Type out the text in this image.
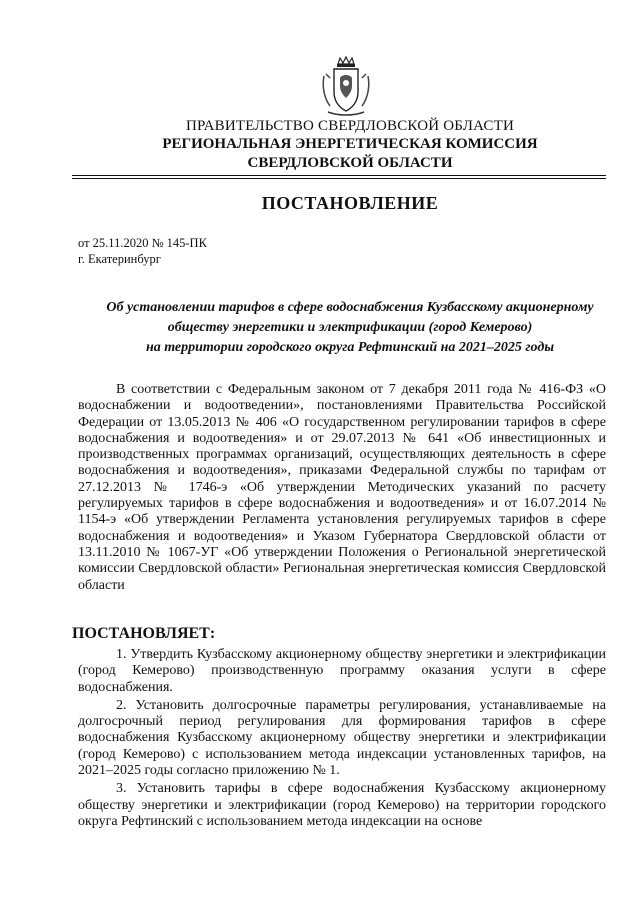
ПРАВИТЕЛЬСТВО СВЕРДЛОВСКОЙ ОБЛАСТИ
РЕГИОНАЛЬНАЯ ЭНЕРГЕТИЧЕСКАЯ КОМИССИЯ
СВЕРДЛОВСКОЙ ОБЛАСТИ
ПОСТАНОВЛЕНИЕ
от 25.11.2020 № 145-ПК
г. Екатеринбург
Об установлении тарифов в сфере водоснабжения Кузбасскому акционерному
обществу энергетики и электрификации (город Кемерово)
на территории городского округа Рефтинский на 2021–2025 годы

В соответствии с Федеральным законом от 7 декабря 2011 года № 416-ФЗ «О водоснабжении и водоотведении», постановлениями Правительства Российской Федерации от 13.05.2013 № 406 «О государственном регулировании тарифов в сфере водоснабжения и водоотведения» и от 29.07.2013 № 641 «Об инвестиционных и производственных программах организаций, осуществляющих деятельность в сфере водоснабжения и водоотведения», приказами Федеральной службы по тарифам от 27.12.2013 № 1746-э «Об утверждении Методических указаний по расчету регулируемых тарифов в сфере водоснабжения и водоотведения» и от 16.07.2014 № 1154-э «Об утверждении Регламента установления регулируемых тарифов в сфере водоснабжения и водоотведения» и Указом Губернатора Свердловской области от 13.11.2010 № 1067-УГ «Об утверждении Положения о Региональной энергетической комиссии Свердловской области» Региональная энергетическая комиссия Свердловской области

ПОСТАНОВЛЯЕТ:

1. Утвердить Кузбасскому акционерному обществу энергетики и электрификации (город Кемерово) производственную программу оказания услуги в сфере водоснабжения.

2. Установить долгосрочные параметры регулирования, устанавливаемые на долгосрочный период регулирования для формирования тарифов в сфере водоснабжения Кузбасскому акционерному обществу энергетики и электрификации (город Кемерово) с использованием метода индексации установленных тарифов, на 2021–2025 годы согласно приложению № 1.

3. Установить тарифы в сфере водоснабжения Кузбасскому акционерному обществу энергетики и электрификации (город Кемерово) на территории городского округа Рефтинский с использованием метода индексации на основе
